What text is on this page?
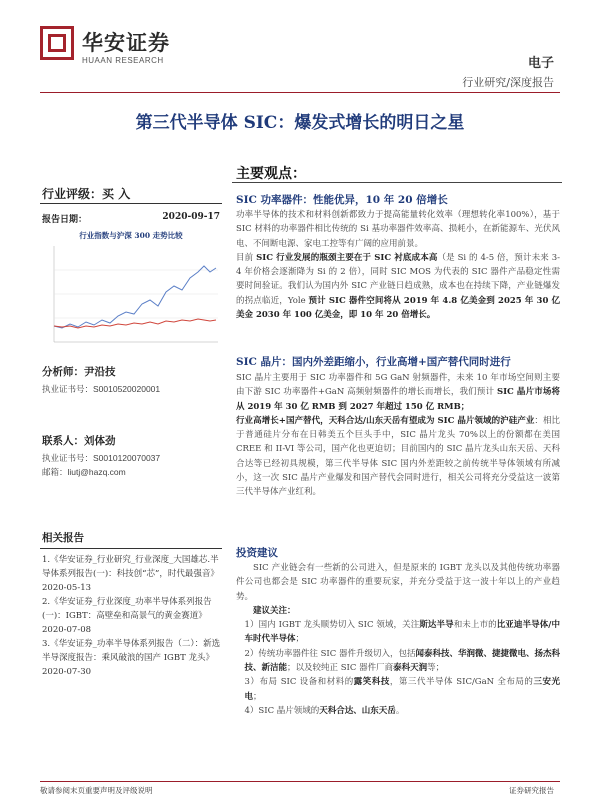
华安证券
HUAAN RESEARCH	电子
行业研究/深度报告
第三代半导体 SIC：爆发式增长的明日之星
行业评级：买 入
报告日期：	2020-09-17
行业指数与沪深 300 走势比较
分析师：尹沿技
执业证书号：S0010520020001
联系人：刘体劲
执业证书号：S0010120070037
邮箱：liutj@hazq.com
相关报告
1.《华安证券_行业研究_行业深度_大国雄芯.半导体系列报告(一)：科技创“芯”，时代最强音》2020-05-13
2.《华安证券_行业深度_功率半导体系列报告(一)：IGBT：高壁垒和高景气的黄金赛道》2020-07-08
3.《华安证券_功率半导体系列报告（二）：新选半导深度报告：乘风破浪的国产 IGBT 龙头》2020-07-30
主要观点：
SIC 功率器件：性能优异，10 年 20 倍增长
功率半导体的技术和材料创新都致力于提高能量转化效率（理想转化率100%），基于 SIC 材料的功率器件相比传统的 Si 基功率器件效率高、损耗小，在新能源车、光伏风电、不间断电源、家电工控等有广阔的应用前景。
目前 SIC 行业发展的瓶颈主要在于 SIC 衬底成本高（是 Si 的 4-5 倍，预计未来 3-4 年价格会逐渐降为 Si 的 2 倍），同时 SIC MOS 为代表的 SIC 器件产品稳定性需要时间验证。我们认为国内外 SIC 产业链日趋成熟，成本也在持续下降，产业链爆发的拐点临近，Yole 预计 SIC 器件空间将从 2019 年 4.8 亿美金到 2025 年 30 亿美金 2030 年 100 亿美金，即 10 年 20 倍增长。
SIC 晶片：国内外差距缩小，行业高增+国产替代同时进行
SIC 晶片主要用于 SIC 功率器件和 5G GaN 射频器件，未来 10 年市场空间则主要由下游 SIC 功率器件+GaN 高频射频器件的增长而增长，我们预计 SIC 晶片市场将从 2019 年 30 亿 RMB 到 2027 年超过 150 亿 RMB；
行业高增长+国产替代，天科合达/山东天岳有望成为 SIC 晶片领域的沪硅产业：相比于普通硅片分布在日韩美五个巨头手中，SIC 晶片龙头 70%以上的份额都在美国 CREE 和 II-VI 等公司，国产化也更迫切；目前国内的 SIC 晶片龙头山东天岳、天科合达等已经初具规模，第三代半导体 SIC 国内外差距较之前传统半导体领域有所减小，这一次 SIC 晶片产业爆发和国产替代会同时进行，相关公司将充分受益这一波第三代半导体产业红利。
投资建议
SIC 产业链会有一些新的公司进入，但是原来的 IGBT 龙头以及其他传统功率器件公司也都会是 SIC 功率器件的重要玩家，并充分受益于这一波十年以上的产业趋势。
建议关注：
1）国内 IGBT 龙头顺势切入 SIC 领域，关注斯达半导和未上市的比亚迪半导体/中车时代半导体；
2）传统功率器件往 SIC 器件升级切入，包括闻泰科技、华润微、捷捷微电、扬杰科技、新洁能；以及较纯正 SIC 器件厂商泰科天润等；
3）布局 SIC 设备和材料的露笑科技，第三代半导体 SIC/GaN 全布局的三安光电；
4）SIC 晶片领域的天科合达、山东天岳。
敬请参阅末页重要声明及评级说明	证券研究报告
